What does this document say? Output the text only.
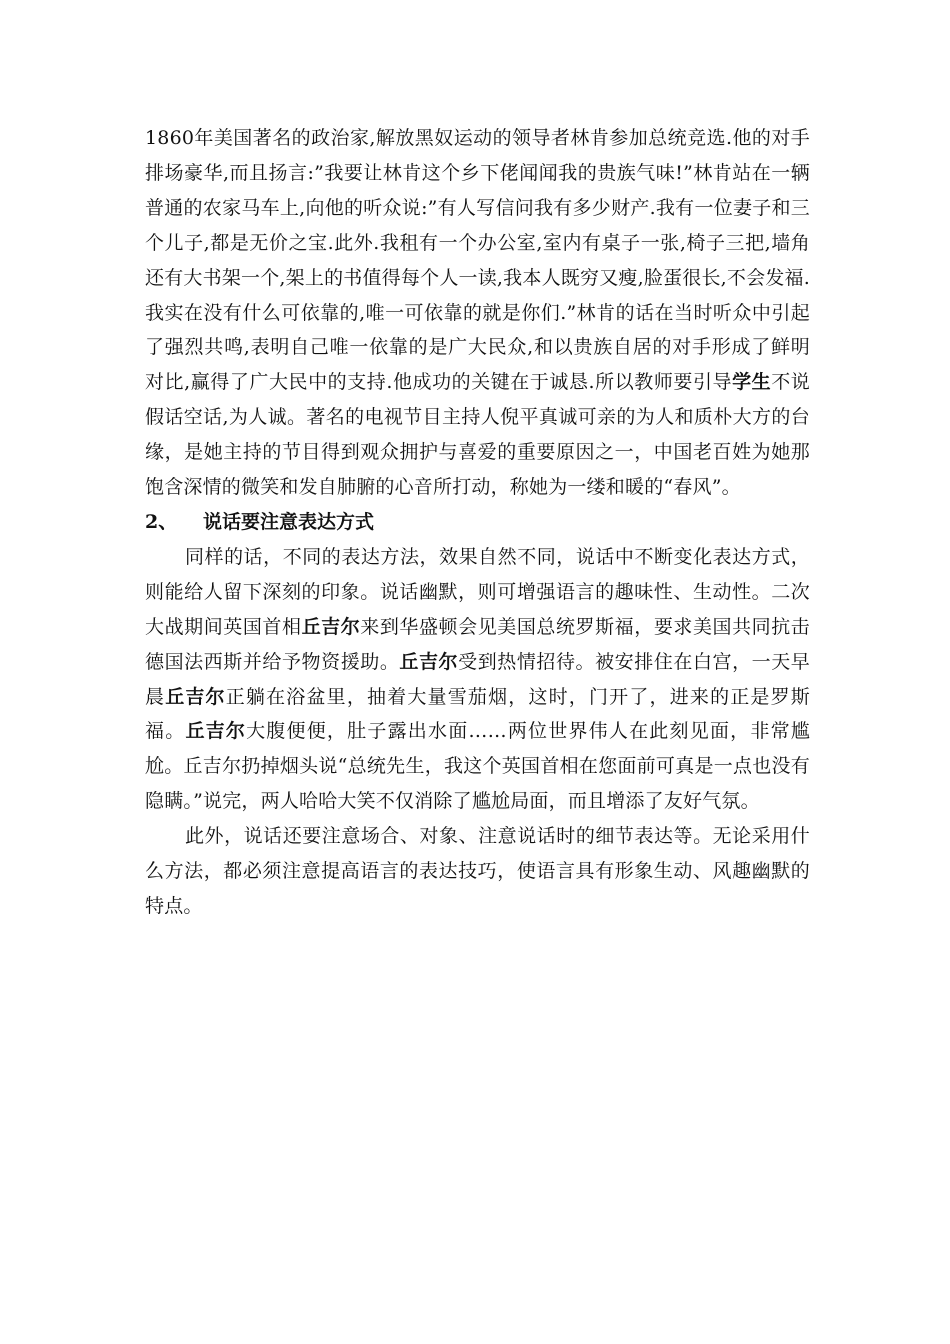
1860年美国著名的政治家,解放黑奴运动的领导者林肯参加总统竞选.他的对手排场豪华,而且扬言:”我要让林肯这个乡下佬闻闻我的贵族气味!”林肯站在一辆普通的农家马车上,向他的听众说:”有人写信问我有多少财产.我有一位妻子和三个儿子,都是无价之宝.此外.我租有一个办公室,室内有桌子一张,椅子三把,墙角还有大书架一个,架上的书值得每个人一读,我本人既穷又瘦,脸蛋很长,不会发福.我实在没有什么可依靠的,唯一可依靠的就是你们.”林肯的话在当时听众中引起了强烈共鸣,表明自己唯一依靠的是广大民众,和以贵族自居的对手形成了鲜明对比,赢得了广大民中的支持.他成功的关键在于诚恳.所以教师要引导学生不说假话空话,为人诚。著名的电视节目主持人倪平真诚可亲的为人和质朴大方的台缘，是她主持的节目得到观众拥护与喜爱的重要原因之一，中国老百姓为她那饱含深情的微笑和发自肺腑的心音所打动，称她为一缕和暖的“春风”。

2、 说话要注意表达方式

同样的话，不同的表达方法，效果自然不同，说话中不断变化表达方式，则能给人留下深刻的印象。说话幽默，则可增强语言的趣味性、生动性。二次大战期间英国首相丘吉尔来到华盛顿会见美国总统罗斯福，要求美国共同抗击德国法西斯并给予物资援助。丘吉尔受到热情招待。被安排住在白宫，一天早晨丘吉尔正躺在浴盆里，抽着大量雪茄烟，这时，门开了，进来的正是罗斯福。丘吉尔大腹便便，肚子露出水面……两位世界伟人在此刻见面，非常尴尬。丘吉尔扔掉烟头说“总统先生，我这个英国首相在您面前可真是一点也没有隐瞒。”说完，两人哈哈大笑不仅消除了尴尬局面，而且增添了友好气氛。

此外，说话还要注意场合、对象、注意说话时的细节表达等。无论采用什么方法，都必须注意提高语言的表达技巧，使语言具有形象生动、风趣幽默的特点。
